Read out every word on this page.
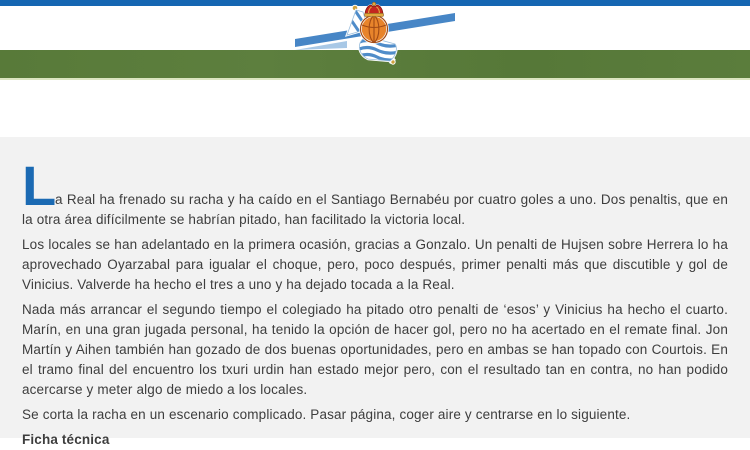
L
a Real ha frenado su racha y ha caído en el Santiago Bernabéu por cuatro goles a uno. Dos penaltis, que en la otra área difícilmente se habrían pitado, han facilitado la victoria local.

Los locales se han adelantado en la primera ocasión, gracias a Gonzalo. Un penalti de Hujsen sobre Herrera lo ha aprovechado Oyarzabal para igualar el choque, pero, poco después, primer penalti más que discutible y gol de Vinicius. Valverde ha hecho el tres a uno y ha dejado tocada a la Real.

Nada más arrancar el segundo tiempo el colegiado ha pitado otro penalti de ‘esos’ y Vinicius ha hecho el cuarto. Marín, en una gran jugada personal, ha tenido la opción de hacer gol, pero no ha acertado en el remate final. Jon Martín y Aihen también han gozado de dos buenas oportunidades, pero en ambas se han topado con Courtois. En el tramo final del encuentro los txuri urdin han estado mejor pero, con el resultado tan en contra, no han podido acercarse y meter algo de miedo a los locales.

Se corta la racha en un escenario complicado. Pasar página, coger aire y centrarse en lo siguiente.

Ficha técnica
